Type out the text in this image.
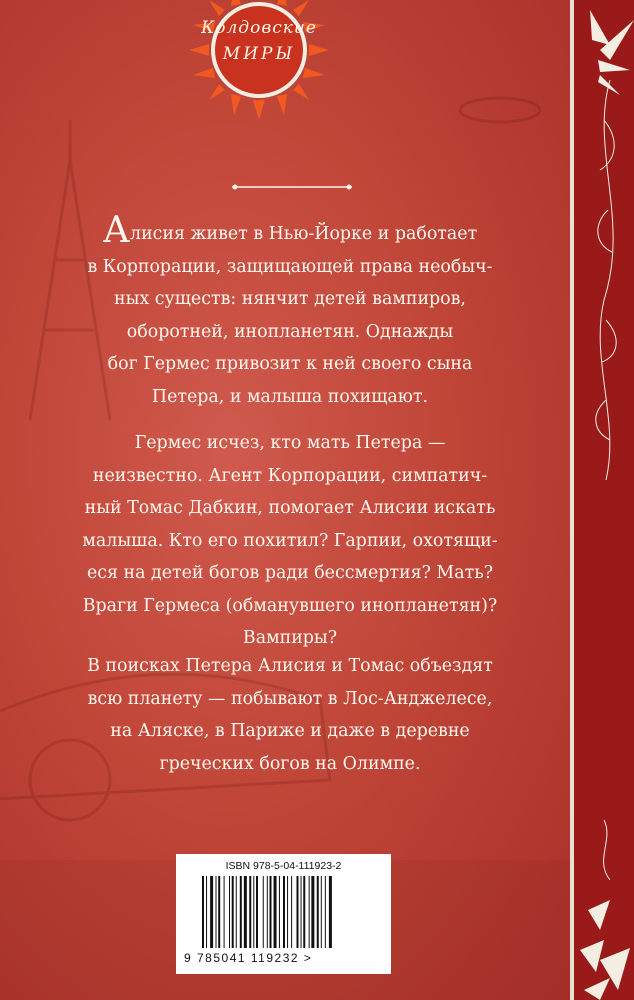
Колдовские
МИРЫ
Алисия живет в Нью-Йорке и работает
в Корпорации, защищающей права необыч-
ных существ: нянчит детей вампиров,
оборотней, инопланетян. Однажды
бог Гермес привозит к ней своего сына
Петера, и малыша похищают.
Гермес исчез, кто мать Петера —
неизвестно. Агент Корпорации, симпатич-
ный Томас Дабкин, помогает Алисии искать
малыша. Кто его похитил? Гарпии, охотящи-
еся на детей богов ради бессмертия? Мать?
Враги Гермеса (обманувшего инопланетян)?
Вампиры?
В поисках Петера Алисия и Томас объездят
всю планету — побывают в Лос-Анджелесе,
на Аляске, в Париже и даже в деревне
греческих богов на Олимпе.
ISBN 978-5-04-111923-2
9 785041 119232 >
